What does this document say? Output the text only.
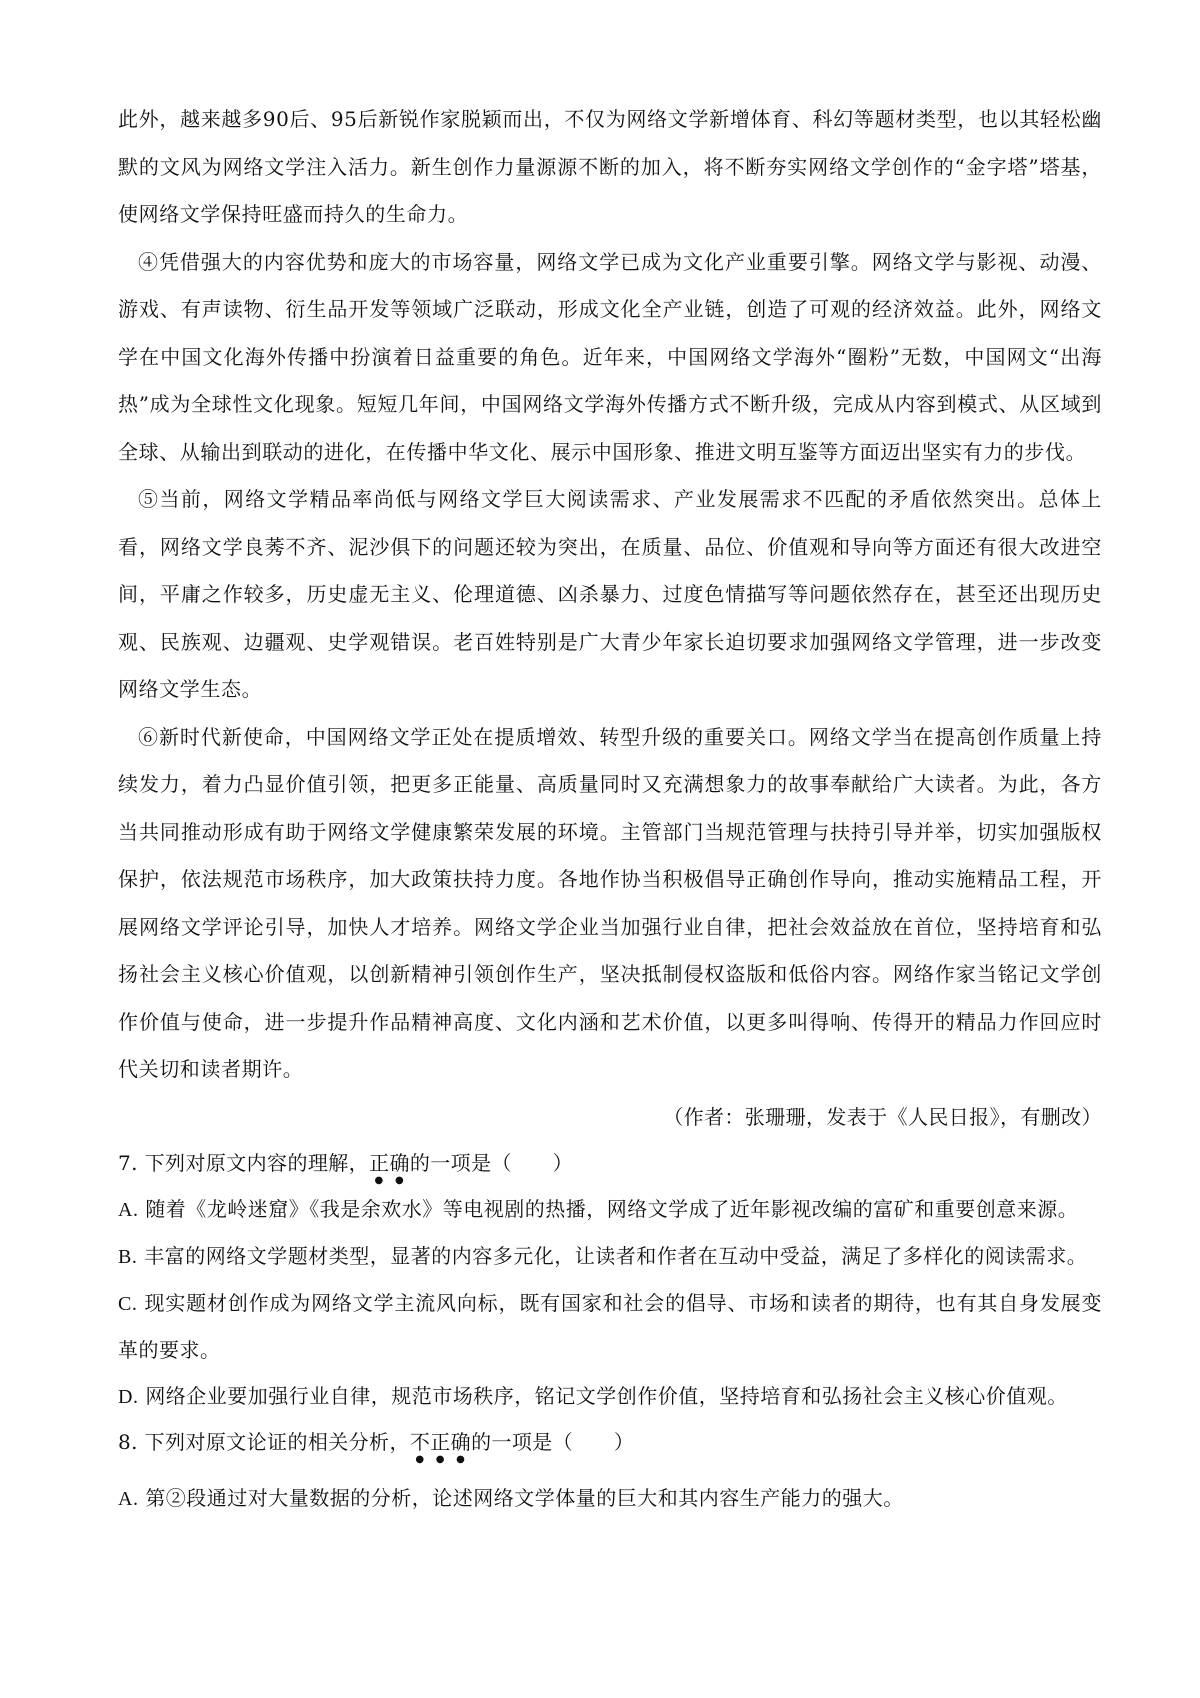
此外，越来越多90后、95后新锐作家脱颖而出，不仅为网络文学新增体育、科幻等题材类型，也以其轻松幽默的文风为网络文学注入活力。新生创作力量源源不断的加入，将不断夯实网络文学创作的“金字塔”塔基，使网络文学保持旺盛而持久的生命力。

④凭借强大的内容优势和庞大的市场容量，网络文学已成为文化产业重要引擎。网络文学与影视、动漫、游戏、有声读物、衍生品开发等领域广泛联动，形成文化全产业链，创造了可观的经济效益。此外，网络文学在中国文化海外传播中扮演着日益重要的角色。近年来，中国网络文学海外“圈粉”无数，中国网文“出海热”成为全球性文化现象。短短几年间，中国网络文学海外传播方式不断升级，完成从内容到模式、从区域到全球、从输出到联动的进化，在传播中华文化、展示中国形象、推进文明互鉴等方面迈出坚实有力的步伐。

⑤当前，网络文学精品率尚低与网络文学巨大阅读需求、产业发展需求不匹配的矛盾依然突出。总体上看，网络文学良莠不齐、泥沙俱下的问题还较为突出，在质量、品位、价值观和导向等方面还有很大改进空间，平庸之作较多，历史虚无主义、伦理道德、凶杀暴力、过度色情描写等问题依然存在，甚至还出现历史观、民族观、边疆观、史学观错误。老百姓特别是广大青少年家长迫切要求加强网络文学管理，进一步改变网络文学生态。

⑥新时代新使命，中国网络文学正处在提质增效、转型升级的重要关口。网络文学当在提高创作质量上持续发力，着力凸显价值引领，把更多正能量、高质量同时又充满想象力的故事奉献给广大读者。为此，各方当共同推动形成有助于网络文学健康繁荣发展的环境。主管部门当规范管理与扶持引导并举，切实加强版权保护，依法规范市场秩序，加大政策扶持力度。各地作协当积极倡导正确创作导向，推动实施精品工程，开展网络文学评论引导，加快人才培养。网络文学企业当加强行业自律，把社会效益放在首位，坚持培育和弘扬社会主义核心价值观，以创新精神引领创作生产，坚决抵制侵权盗版和低俗内容。网络作家当铭记文学创作价值与使命，进一步提升作品精神高度、文化内涵和艺术价值，以更多叫得响、传得开的精品力作回应时代关切和读者期许。

（作者：张珊珊，发表于《人民日报》，有删改）

7. 下列对原文内容的理解，正确的一项是（　　）

A. 随着《龙岭迷窟》《我是余欢水》等电视剧的热播，网络文学成了近年影视改编的富矿和重要创意来源。

B. 丰富的网络文学题材类型，显著的内容多元化，让读者和作者在互动中受益，满足了多样化的阅读需求。

C. 现实题材创作成为网络文学主流风向标，既有国家和社会的倡导、市场和读者的期待，也有其自身发展变革的要求。

D. 网络企业要加强行业自律，规范市场秩序，铭记文学创作价值，坚持培育和弘扬社会主义核心价值观。

8. 下列对原文论证的相关分析，不正确的一项是（　　）

A. 第②段通过对大量数据的分析，论述网络文学体量的巨大和其内容生产能力的强大。
